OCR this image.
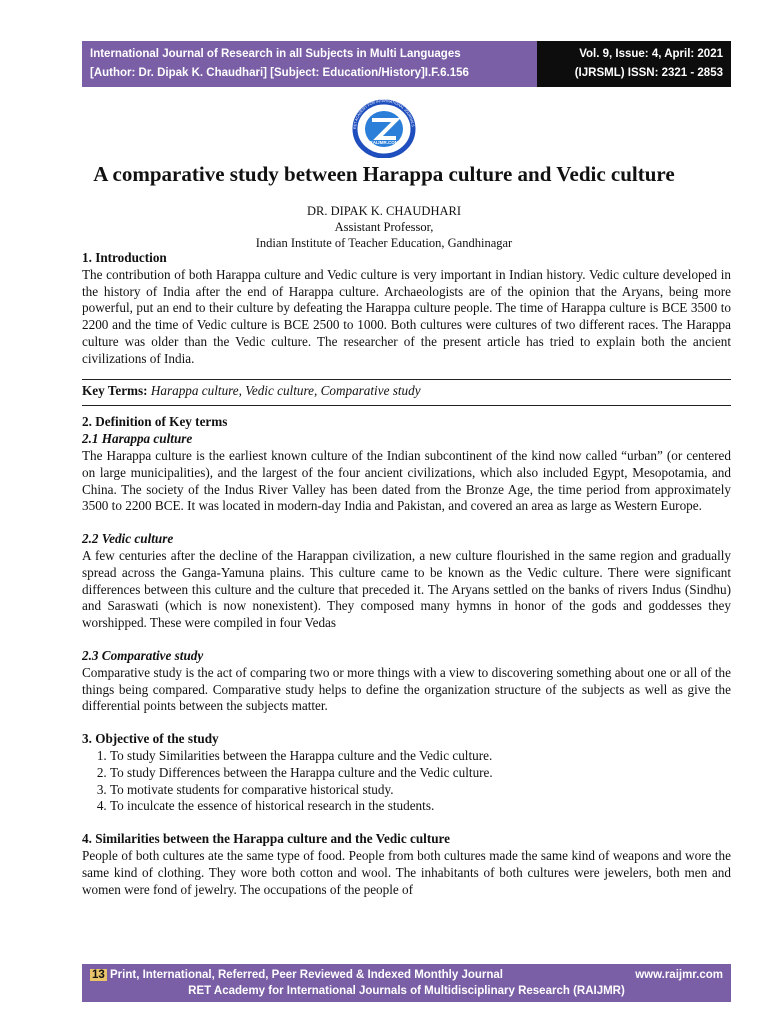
International Journal of Research in all Subjects in Multi Languages
[Author: Dr. Dipak K. Chaudhari] [Subject: Education/History]I.F.6.156
Vol. 9, Issue: 4, April: 2021
(IJRSML) ISSN: 2321 - 2853
RET ACADEMY FOR INTERNATIONAL JOURNALS
RAIJMR.COM
A comparative study between Harappa culture and Vedic culture
DR. DIPAK K. CHAUDHARI
Assistant Professor,
Indian Institute of Teacher Education, Gandhinagar
1. Introduction

The contribution of both Harappa culture and Vedic culture is very important in Indian history. Vedic culture developed in the history of India after the end of Harappa culture. Archaeologists are of the opinion that the Aryans, being more powerful, put an end to their culture by defeating the Harappa culture people. The time of Harappa culture is BCE 3500 to 2200 and the time of Vedic culture is BCE 2500 to 1000. Both cultures were cultures of two different races. The Harappa culture was older than the Vedic culture. The researcher of the present article has tried to explain both the ancient civilizations of India.

Key Terms: Harappa culture, Vedic culture, Comparative study
2. Definition of Key terms
2.1 Harappa culture

The Harappa culture is the earliest known culture of the Indian subcontinent of the kind now called “urban” (or centered on large municipalities), and the largest of the four ancient civilizations, which also included Egypt, Mesopotamia, and China. The society of the Indus River Valley has been dated from the Bronze Age, the time period from approximately 3500 to 2200 BCE. It was located in modern-day India and Pakistan, and covered an area as large as Western Europe.

2.2 Vedic culture

A few centuries after the decline of the Harappan civilization, a new culture flourished in the same region and gradually spread across the Ganga-Yamuna plains. This culture came to be known as the Vedic culture. There were significant differences between this culture and the culture that preceded it. The Aryans settled on the banks of rivers Indus (Sindhu) and Saraswati (which is now nonexistent). They composed many hymns in honor of the gods and goddesses they worshipped. These were compiled in four Vedas

2.3 Comparative study

Comparative study is the act of comparing two or more things with a view to discovering something about one or all of the things being compared. Comparative study helps to define the organization structure of the subjects as well as give the differential points between the subjects matter.

3. Objective of the study
1. To study Similarities between the Harappa culture and the Vedic culture.
2. To study Differences between the Harappa culture and the Vedic culture.
3. To motivate students for comparative historical study.
4. To inculcate the essence of historical research in the students.
4. Similarities between the Harappa culture and the Vedic culture

People of both cultures ate the same type of food. People from both cultures made the same kind of weapons and wore the same kind of clothing. They wore both cotton and wool. The inhabitants of both cultures were jewelers, both men and women were fond of jewelry. The occupations of the people of

13 Print, International, Referred, Peer Reviewed & Indexed Monthly Journal	www.raijmr.com
RET Academy for International Journals of Multidisciplinary Research (RAIJMR)
